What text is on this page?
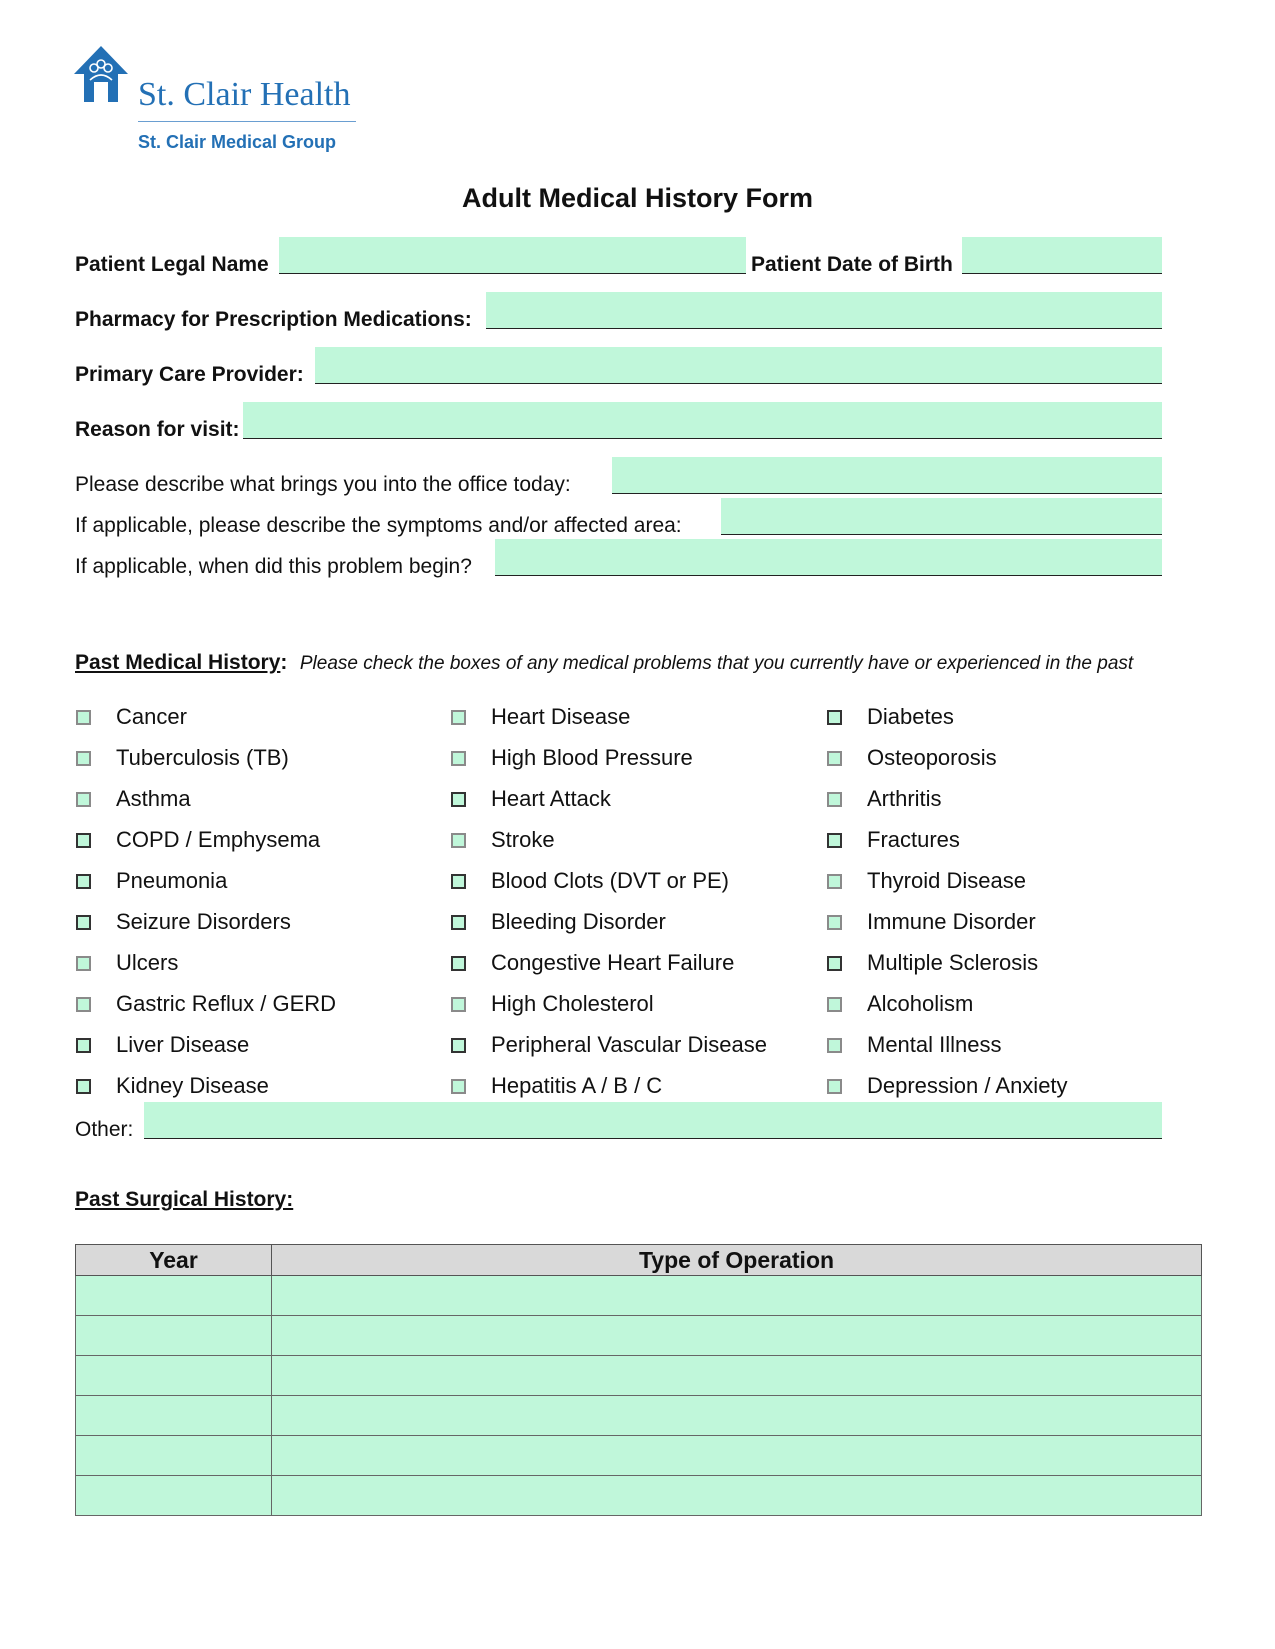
St. Clair Health
St. Clair Medical Group
Adult Medical History Form
Patient Legal Name	Patient Date of Birth
Pharmacy for Prescription Medications:
Primary Care Provider:
Reason for visit:
Please describe what brings you into the office today:
If applicable, please describe the symptoms and/or affected area:
If applicable, when did this problem begin?
Past Medical History: Please check the boxes of any medical problems that you currently have or experienced in the past
Cancer
Tuberculosis (TB)
Asthma
COPD / Emphysema
Pneumonia
Seizure Disorders
Ulcers
Gastric Reflux / GERD
Liver Disease
Kidney Disease
Heart Disease
High Blood Pressure
Heart Attack
Stroke
Blood Clots (DVT or PE)
Bleeding Disorder
Congestive Heart Failure
High Cholesterol
Peripheral Vascular Disease
Hepatitis A / B / C
Diabetes
Osteoporosis
Arthritis
Fractures
Thyroid Disease
Immune Disorder
Multiple Sclerosis
Alcoholism
Mental Illness
Depression / Anxiety
Other:
Past Surgical History:
Year	Type of Operation
